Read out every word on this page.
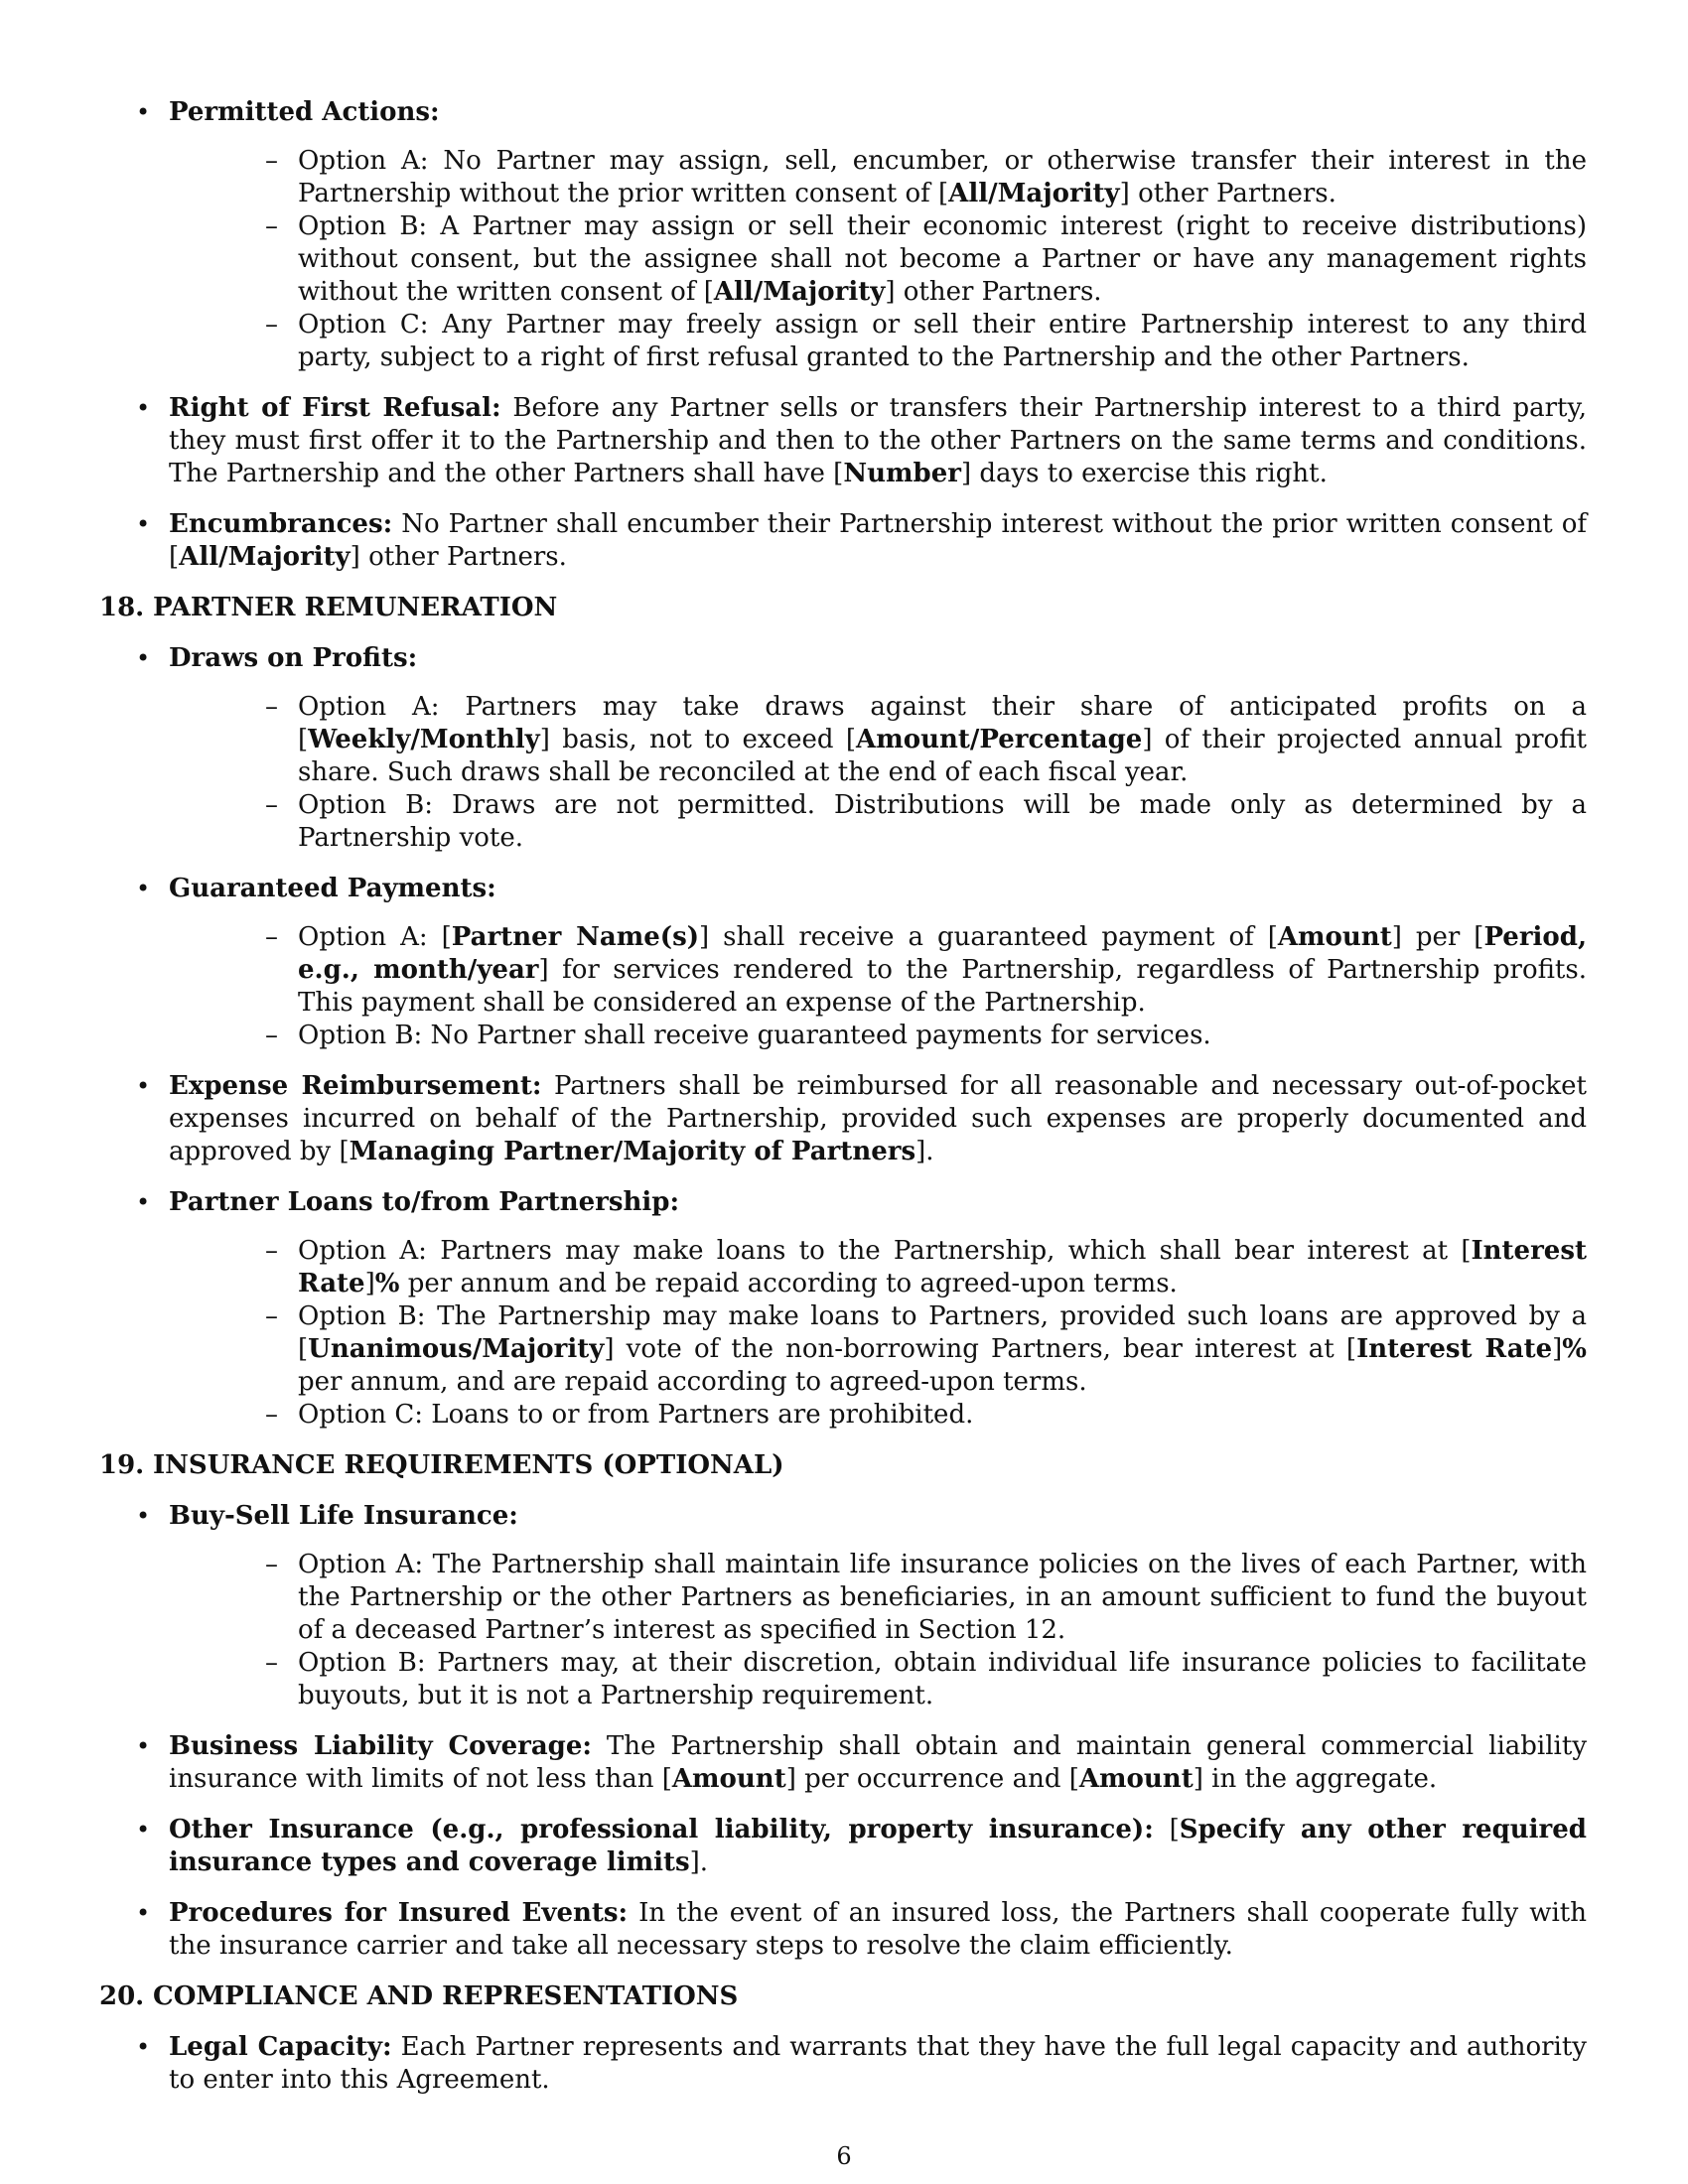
• Permitted Actions:
– Option A: No Partner may assign, sell, encumber, or otherwise transfer their interest in the Partnership without the prior written consent of [All/Majority] other Partners.
– Option B: A Partner may assign or sell their economic interest (right to receive distributions) without consent, but the assignee shall not become a Partner or have any management rights without the written consent of [All/Majority] other Partners.
– Option C: Any Partner may freely assign or sell their entire Partnership interest to any third party, subject to a right of first refusal granted to the Partnership and the other Partners.
• Right of First Refusal: Before any Partner sells or transfers their Partnership interest to a third party, they must first offer it to the Partnership and then to the other Partners on the same terms and conditions. The Partnership and the other Partners shall have [Number] days to exercise this right.
• Encumbrances: No Partner shall encumber their Partnership interest without the prior written consent of [All/Majority] other Partners.
18. PARTNER REMUNERATION
• Draws on Profits:
– Option A: Partners may take draws against their share of anticipated profits on a [Weekly/Monthly] basis, not to exceed [Amount/Percentage] of their projected annual profit share. Such draws shall be reconciled at the end of each fiscal year.
– Option B: Draws are not permitted. Distributions will be made only as determined by a Partnership vote.
• Guaranteed Payments:
– Option A: [Partner Name(s)] shall receive a guaranteed payment of [Amount] per [Period, e.g., month/year] for services rendered to the Partnership, regardless of Partnership profits. This payment shall be considered an expense of the Partnership.
– Option B: No Partner shall receive guaranteed payments for services.
• Expense Reimbursement: Partners shall be reimbursed for all reasonable and necessary out-of-pocket expenses incurred on behalf of the Partnership, provided such expenses are properly documented and approved by [Managing Partner/Majority of Partners].
• Partner Loans to/from Partnership:
– Option A: Partners may make loans to the Partnership, which shall bear interest at [Interest Rate]% per annum and be repaid according to agreed-upon terms.
– Option B: The Partnership may make loans to Partners, provided such loans are approved by a [Unanimous/Majority] vote of the non-borrowing Partners, bear interest at [Interest Rate]% per annum, and are repaid according to agreed-upon terms.
– Option C: Loans to or from Partners are prohibited.
19. INSURANCE REQUIREMENTS (OPTIONAL)
• Buy-Sell Life Insurance:
– Option A: The Partnership shall maintain life insurance policies on the lives of each Partner, with the Partnership or the other Partners as beneficiaries, in an amount sufficient to fund the buyout of a deceased Partner’s interest as specified in Section 12.
– Option B: Partners may, at their discretion, obtain individual life insurance policies to facilitate buyouts, but it is not a Partnership requirement.
• Business Liability Coverage: The Partnership shall obtain and maintain general commercial liability insurance with limits of not less than [Amount] per occurrence and [Amount] in the aggregate.
• Other Insurance (e.g., professional liability, property insurance): [Specify any other required insurance types and coverage limits].
• Procedures for Insured Events: In the event of an insured loss, the Partners shall cooperate fully with the insurance carrier and take all necessary steps to resolve the claim efficiently.
20. COMPLIANCE AND REPRESENTATIONS
• Legal Capacity: Each Partner represents and warrants that they have the full legal capacity and authority to enter into this Agreement.
6
